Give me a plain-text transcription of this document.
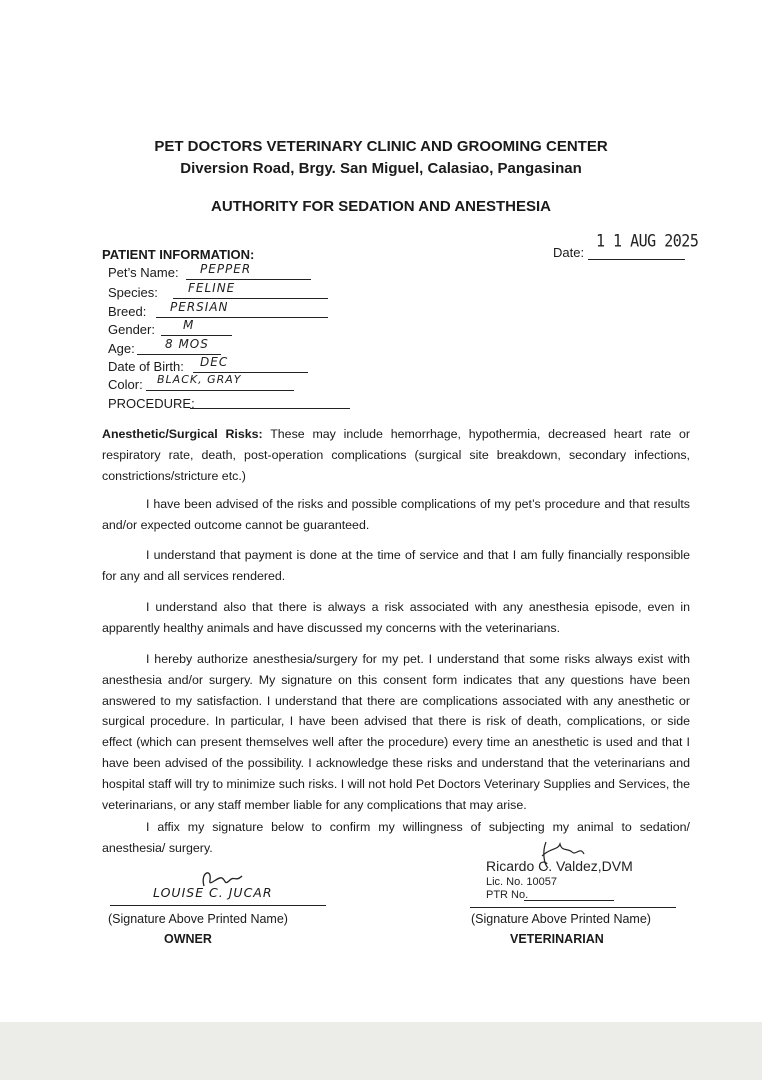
PET DOCTORS VETERINARY CLINIC AND GROOMING CENTER
Diversion Road, Brgy. San Miguel, Calasiao, Pangasinan
AUTHORITY FOR SEDATION AND ANESTHESIA
Date:
1 1 AUG 2025
PATIENT INFORMATION:
Pet’s Name: PEPPER
Species:	FELINE
Breed: PERSIAN
Gender: M
Age:	8 MOS
Date of Birth: DEC
Color: BLACK, GRAY
PROCEDURE:
Anesthetic/Surgical Risks: These may include hemorrhage, hypothermia, decreased heart rate or respiratory rate, death, post-operation complications (surgical site breakdown, secondary infections, constrictions/stricture etc.)
I have been advised of the risks and possible complications of my pet’s procedure and that results and/or expected outcome cannot be guaranteed.
I understand that payment is done at the time of service and that I am fully financially responsible for any and all services rendered.
I understand also that there is always a risk associated with any anesthesia episode, even in apparently healthy animals and have discussed my concerns with the veterinarians.
I hereby authorize anesthesia/surgery for my pet. I understand that some risks always exist with anesthesia and/or surgery. My signature on this consent form indicates that any questions have been answered to my satisfaction. I understand that there are complications associated with any anesthetic or surgical procedure. In particular, I have been advised that there is risk of death, complications, or side effect (which can present themselves well after the procedure) every time an anesthetic is used and that I have been advised of the possibility. I acknowledge these risks and understand that the veterinarians and hospital staff will try to minimize such risks. I will not hold Pet Doctors Veterinary Supplies and Services, the veterinarians, or any staff member liable for any complications that may arise.
I affix my signature below to confirm my willingness of subjecting my animal to sedation/ anesthesia/ surgery.
LOUISE C. JUCAR
(Signature Above Printed Name)
OWNER
Ricardo C. Valdez,DVM
Lic. No. 10057
PTR No.
(Signature Above Printed Name)
VETERINARIAN
